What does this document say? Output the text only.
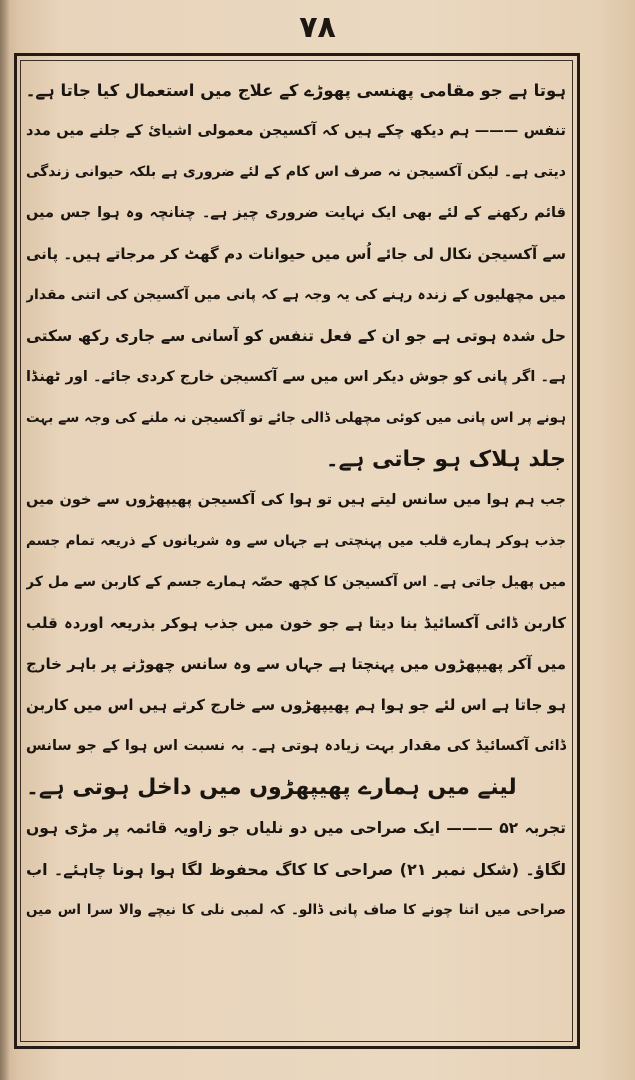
۷۸
ہوتا ہے جو مقامی پھنسی پھوڑے کے علاج میں استعمال کیا جاتا ہے۔
تنفس ——— ہم دیکھ چکے ہیں کہ آکسیجن معمولی اشیائ کے جلنے میں مدد
دیتی ہے۔ لیکن آکسیجن نہ صرف اس کام کے لئے ضروری ہے بلکہ حیوانی زندگی
قائم رکھنے کے لئے بھی ایک نہایت ضروری چیز ہے۔ چنانچہ وہ ہوا جس میں
سے آکسیجن نکال لی جائے اُس میں حیوانات دم گھٹ کر مرجاتے ہیں۔ پانی
میں مچھلیوں کے زندہ رہنے کی یہ وجہ ہے کہ پانی میں آکسیجن کی اتنی مقدار
حل شدہ ہوتی ہے جو ان کے فعل تنفس کو آسانی سے جاری رکھ سکتی
ہے۔ اگر پانی کو جوش دیکر اس میں سے آکسیجن خارج کردی جائے۔ اور ٹھنڈا
ہونے پر اس پانی میں کوئی مچھلی ڈالی جائے تو آکسیجن نہ ملنے کی وجہ سے بہت
جلد ہلاک ہو جاتی ہے۔
جب ہم ہوا میں سانس لیتے ہیں تو ہوا کی آکسیجن پھیپھڑوں سے خون میں
جذب ہوکر ہمارے قلب میں پہنچتی ہے جہاں سے وہ شریانوں کے ذریعہ تمام جسم
میں پھیل جاتی ہے۔ اس آکسیجن کا کچھ حصّہ ہمارے جسم کے کاربن سے مل کر
کاربن ڈائی آکسائیڈ بنا دیتا ہے جو خون میں جذب ہوکر بذریعہ اوردہ قلب
میں آکر پھیپھڑوں میں پہنچتا ہے جہاں سے وہ سانس چھوڑنے پر باہر خارج
ہو جاتا ہے اس لئے جو ہوا ہم پھیپھڑوں سے خارج کرتے ہیں اس میں کاربن
ڈائی آکسائیڈ کی مقدار بہت زیادہ ہوتی ہے۔ بہ نسبت اس ہوا کے جو سانس
لینے میں ہمارے پھیپھڑوں میں داخل ہوتی ہے۔
تجربہ ۵۲ ——— ایک صراحی میں دو نلیاں جو زاویہ قائمہ پر مڑی ہوں
لگاؤ۔ (شکل نمبر ۲۱) صراحی کا کاگ محفوظ لگا ہوا ہونا چاہئے۔ اب
صراحی میں اتنا چونے کا صاف پانی ڈالو۔ کہ لمبی نلی کا نیچے والا سرا اس میں
